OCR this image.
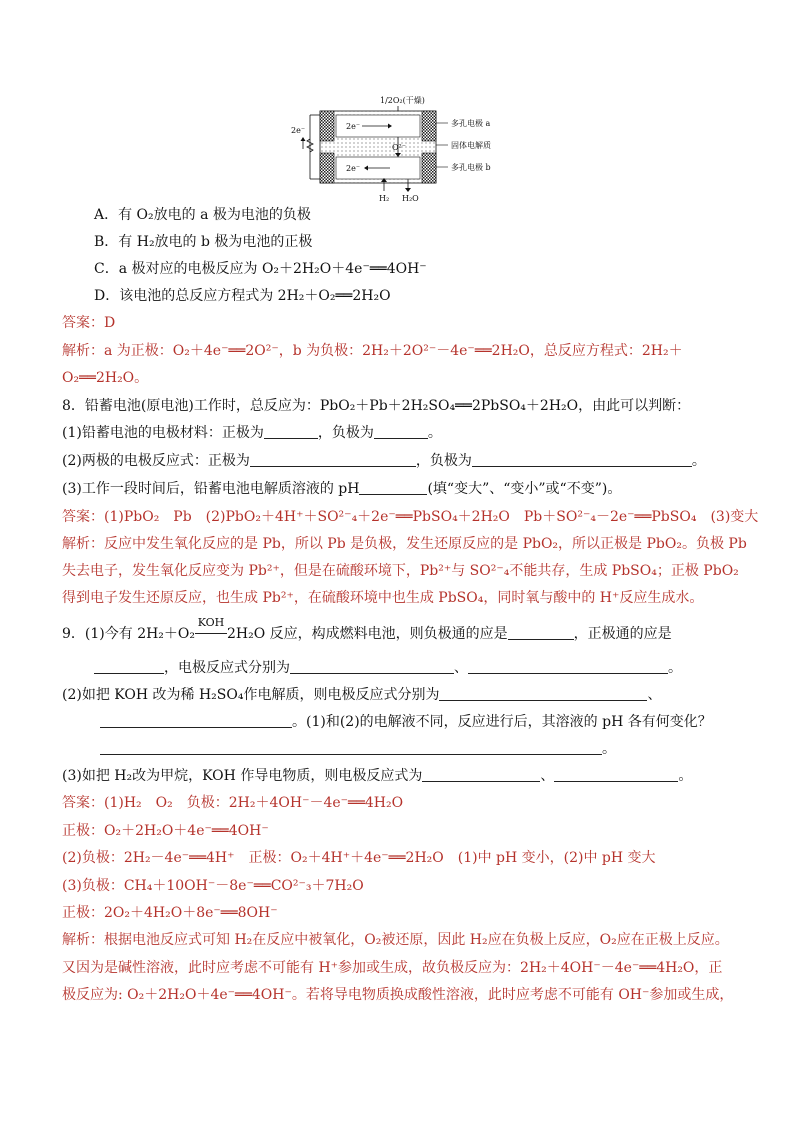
1/2O₂(干燥)
2e⁻
2e⁻
O²⁻
H₂ H₂O
2e⁻
多孔电极 a
固体电解质
多孔电极 b
A．有 O₂放电的 a 极为电池的负极
B．有 H₂放电的 b 极为电池的正极
C．a 极对应的电极反应为 O₂＋2H₂O＋4e⁻══4OH⁻
D．该电池的总反应方程式为 2H₂＋O₂══2H₂O
答案：D
解析：a 为正极：O₂＋4e⁻══2O²⁻，b 为负极：2H₂＋2O²⁻－4e⁻══2H₂O，总反应方程式：2H₂＋
O₂══2H₂O。
8．铅蓄电池(原电池)工作时，总反应为：PbO₂＋Pb＋2H₂SO₄══2PbSO₄＋2H₂O，由此可以判断：
(1)铅蓄电池的电极材料：正极为	，负极为	。
(2)两极的电极反应式：正极为	，负极为	。
(3)工作一段时间后，铅蓄电池电解质溶液的 pH	(填“变大”、“变小”或“不变”)。
答案：(1)PbO₂　Pb　(2)PbO₂＋4H⁺＋SO²⁻₄＋2e⁻══PbSO₄＋2H₂O　Pb＋SO²⁻₄－2e⁻══PbSO₄　(3)变大
解析：反应中发生氧化反应的是 Pb，所以 Pb 是负极，发生还原反应的是 PbO₂，所以正极是 PbO₂。负极 Pb
失去电子，发生氧化反应变为 Pb²⁺，但是在硫酸环境下，Pb²⁺与 SO²⁻₄不能共存，生成 PbSO₄；正极 PbO₂
得到电子发生还原反应，也生成 Pb²⁺，在硫酸环境中也生成 PbSO₄，同时氧与酸中的 H⁺反应生成水。
9．(1)今有 2H₂＋O₂
KOH
2H₂O 反应，构成燃料电池，则负极通的应是	，正极通的应是
，电极反应式分别为	、	。
(2)如把 KOH 改为稀 H₂SO₄作电解质，则电极反应式分别为	、
。(1)和(2)的电解液不同，反应进行后，其溶液的 pH 各有何变化？
。
(3)如把 H₂改为甲烷，KOH 作导电物质，则电极反应式为	、	。
答案：(1)H₂　O₂　负极：2H₂＋4OH⁻－4e⁻══4H₂O
正极：O₂＋2H₂O＋4e⁻══4OH⁻
(2)负极：2H₂－4e⁻══4H⁺　正极：O₂＋4H⁺＋4e⁻══2H₂O　(1)中 pH 变小，(2)中 pH 变大
(3)负极：CH₄＋10OH⁻－8e⁻══CO²⁻₃＋7H₂O
正极：2O₂＋4H₂O＋8e⁻══8OH⁻
解析：根据电池反应式可知 H₂在反应中被氧化，O₂被还原，因此 H₂应在负极上反应，O₂应在正极上反应。
又因为是碱性溶液，此时应考虑不可能有 H⁺参加或生成，故负极反应为：2H₂＋4OH⁻－4e⁻══4H₂O，正
极反应为: O₂＋2H₂O＋4e⁻══4OH⁻。若将导电物质换成酸性溶液，此时应考虑不可能有 OH⁻参加或生成，
